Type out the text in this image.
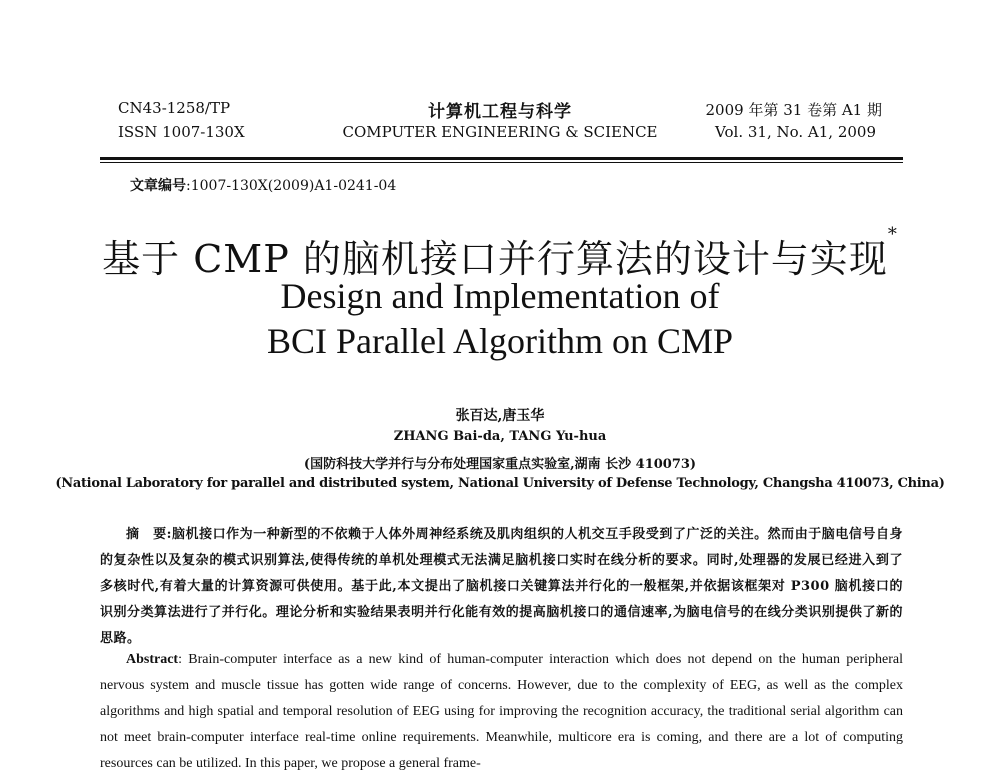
CN43-1258/TP
ISSN 1007-130X
计算机工程与科学
COMPUTER ENGINEERING & SCIENCE
2009 年第 31 卷第 A1 期
Vol. 31, No. A1, 2009
文章编号:1007-130X(2009)A1-0241-04
基于 CMP 的脑机接口并行算法的设计与实现*
Design and Implementation of
BCI Parallel Algorithm on CMP
张百达,唐玉华
ZHANG Bai-da, TANG Yu-hua
(国防科技大学并行与分布处理国家重点实验室,湖南 长沙 410073)
(National Laboratory for parallel and distributed system, National University of Defense Technology, Changsha 410073, China)
摘　要:脑机接口作为一种新型的不依赖于人体外周神经系统及肌肉组织的人机交互手段受到了广泛的关注。然而由于脑电信号自身的复杂性以及复杂的模式识别算法,使得传统的单机处理模式无法满足脑机接口实时在线分析的要求。同时,处理器的发展已经进入到了多核时代,有着大量的计算资源可供使用。基于此,本文提出了脑机接口关键算法并行化的一般框架,并依据该框架对 P300 脑机接口的识别分类算法进行了并行化。理论分析和实验结果表明并行化能有效的提高脑机接口的通信速率,为脑电信号的在线分类识别提供了新的思路。
Abstract: Brain-computer interface as a new kind of human-computer interaction which does not depend on the human peripheral nervous system and muscle tissue has gotten wide range of concerns. However, due to the complexity of EEG, as well as the complex algorithms and high spatial and temporal resolution of EEG using for improving the recognition accuracy, the traditional serial algorithm can not meet brain-computer interface real-time online requirements. Meanwhile, multicore era is coming, and there are a lot of computing resources can be utilized. In this paper, we propose a general frame-
